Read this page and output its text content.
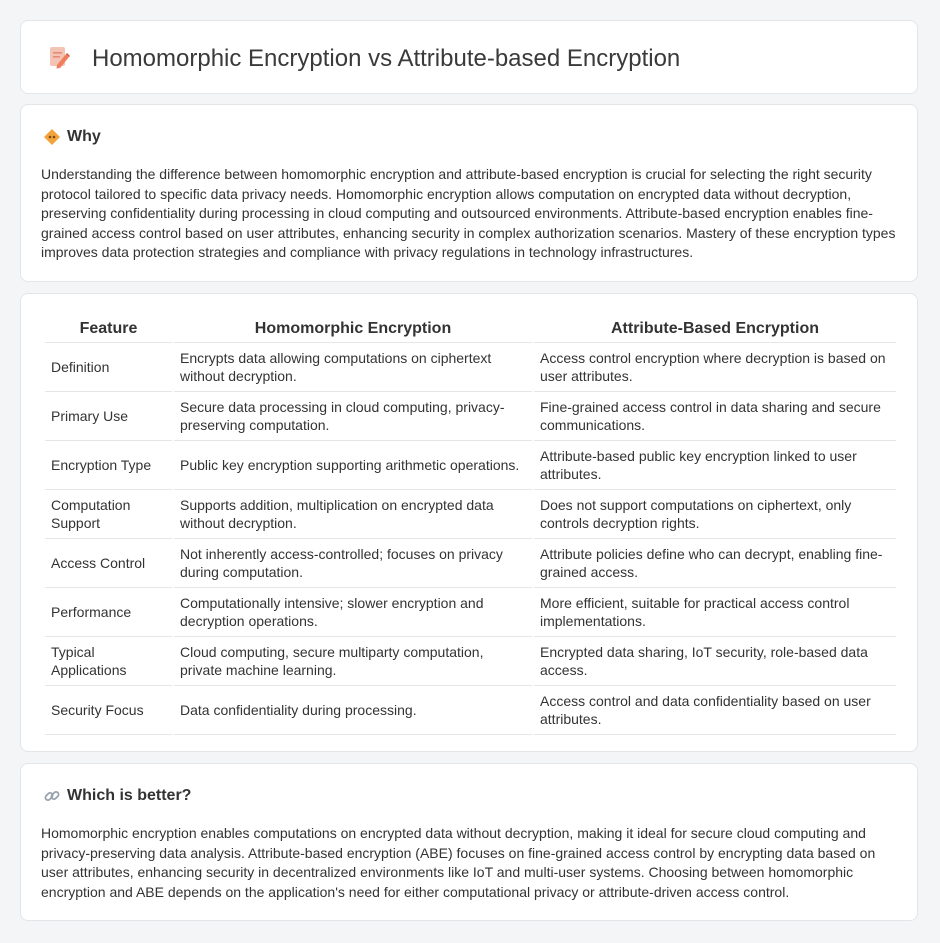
Homomorphic Encryption vs Attribute-based Encryption
Why

Understanding the difference between homomorphic encryption and attribute-based encryption is crucial for selecting the right security protocol tailored to specific data privacy needs. Homomorphic encryption allows computation on encrypted data without decryption, preserving confidentiality during processing in cloud computing and outsourced environments. Attribute-based encryption enables fine-grained access control based on user attributes, enhancing security in complex authorization scenarios. Mastery of these encryption types improves data protection strategies and compliance with privacy regulations in technology infrastructures.

Feature	Homomorphic Encryption	Attribute-Based Encryption
Definition	Encrypts data allowing computations on ciphertext without decryption.	Access control encryption where decryption is based on user attributes.
Primary Use	Secure data processing in cloud computing, privacy-preserving computation.	Fine-grained access control in data sharing and secure communications.
Encryption Type	Public key encryption supporting arithmetic operations.	Attribute-based public key encryption linked to user attributes.
Computation Support	Supports addition, multiplication on encrypted data without decryption.	Does not support computations on ciphertext, only controls decryption rights.
Access Control	Not inherently access-controlled; focuses on privacy during computation.	Attribute policies define who can decrypt, enabling fine-grained access.
Performance	Computationally intensive; slower encryption and decryption operations.	More efficient, suitable for practical access control implementations.
Typical Applications	Cloud computing, secure multiparty computation, private machine learning.	Encrypted data sharing, IoT security, role-based data access.
Security Focus	Data confidentiality during processing.	Access control and data confidentiality based on user attributes.
Which is better?

Homomorphic encryption enables computations on encrypted data without decryption, making it ideal for secure cloud computing and privacy-preserving data analysis. Attribute-based encryption (ABE) focuses on fine-grained access control by encrypting data based on user attributes, enhancing security in decentralized environments like IoT and multi-user systems. Choosing between homomorphic encryption and ABE depends on the application's need for either computational privacy or attribute-driven access control.
